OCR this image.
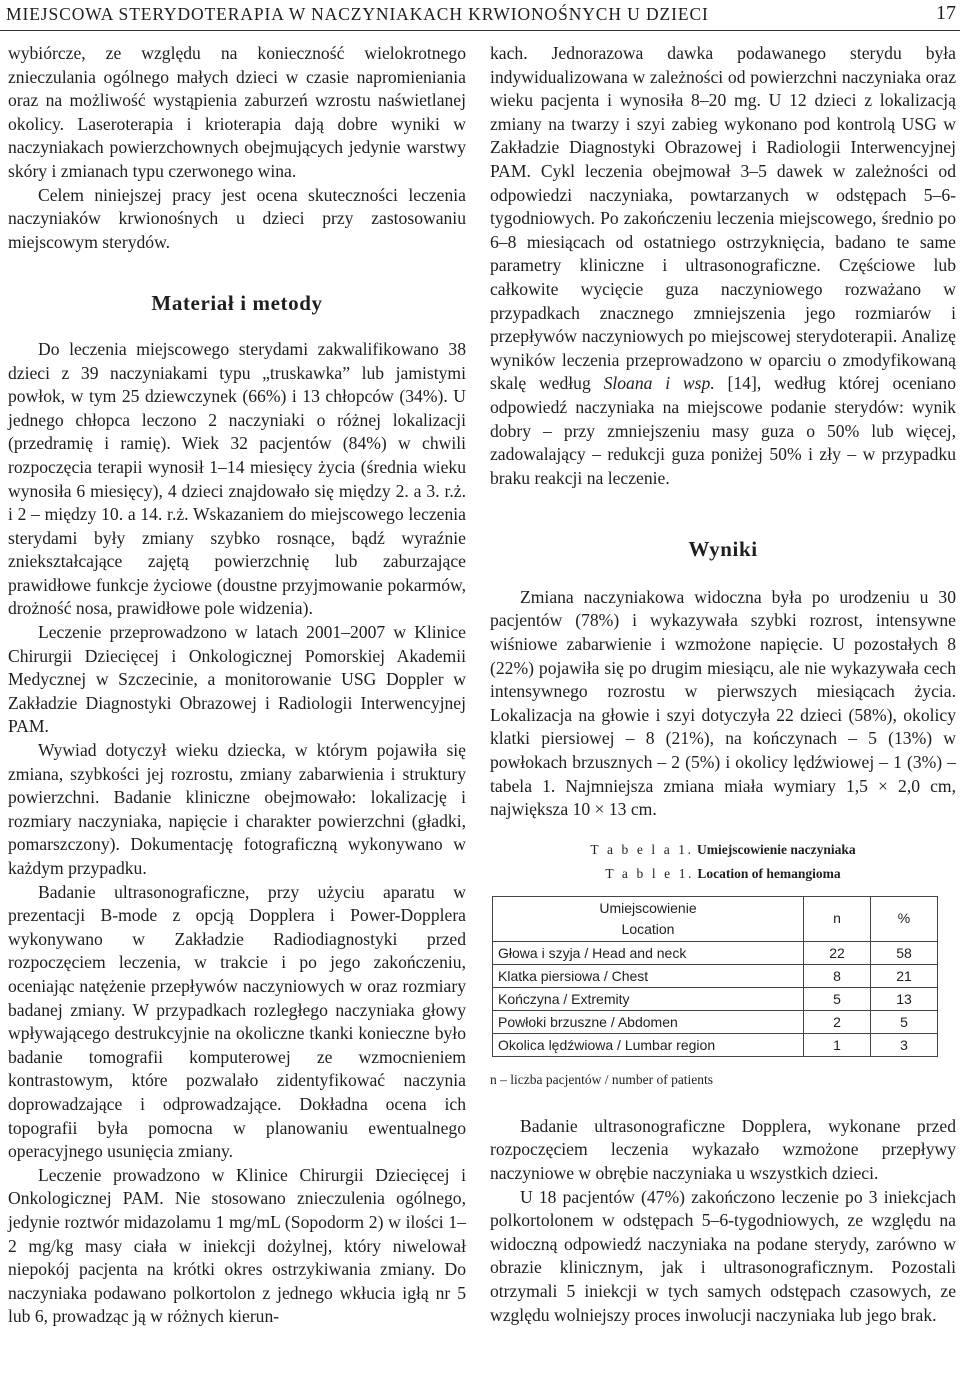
MIEJSCOWA STERYDOTERAPIA W NACZYNIAKACH KRWIONOŚNYCH U DZIECI	17

wybiórcze, ze względu na konieczność wielokrotnego znieczulania ogólnego małych dzieci w czasie napromieniania oraz na możliwość wystąpienia zaburzeń wzrostu naświetlanej okolicy. Laseroterapia i krioterapia dają dobre wyniki w naczyniakach powierzchownych obejmujących jedynie warstwy skóry i zmianach typu czerwonego wina.

Celem niniejszej pracy jest ocena skuteczności leczenia naczyniaków krwionośnych u dzieci przy zastosowaniu miejscowym sterydów.

Materiał i metody

Do leczenia miejscowego sterydami zakwalifikowano 38 dzieci z 39 naczyniakami typu „truskawka” lub jamistymi powłok, w tym 25 dziewczynek (66%) i 13 chłopców (34%). U jednego chłopca leczono 2 naczyniaki o różnej lokalizacji (przedramię i ramię). Wiek 32 pacjentów (84%) w chwili rozpoczęcia terapii wynosił 1–14 miesięcy życia (średnia wieku wynosiła 6 miesięcy), 4 dzieci znajdowało się między 2. a 3. r.ż. i 2 – między 10. a 14. r.ż. Wskazaniem do miejscowego leczenia sterydami były zmiany szybko rosnące, bądź wyraźnie zniekształcające zajętą powierzchnię lub zaburzające prawidłowe funkcje życiowe (doustne przyjmowanie pokarmów, drożność nosa, prawidłowe pole widzenia).

Leczenie przeprowadzono w latach 2001–2007 w Klinice Chirurgii Dziecięcej i Onkologicznej Pomorskiej Akademii Medycznej w Szczecinie, a monitorowanie USG Doppler w Zakładzie Diagnostyki Obrazowej i Radiologii Interwencyjnej PAM.

Wywiad dotyczył wieku dziecka, w którym pojawiła się zmiana, szybkości jej rozrostu, zmiany zabarwienia i struktury powierzchni. Badanie kliniczne obejmowało: lokalizację i rozmiary naczyniaka, napięcie i charakter powierzchni (gładki, pomarszczony). Dokumentację fotograficzną wykonywano w każdym przypadku.

Badanie ultrasonograficzne, przy użyciu aparatu w prezentacji B-mode z opcją Dopplera i Power-Dopplera wykonywano w Zakładzie Radiodiagnostyki przed rozpoczęciem leczenia, w trakcie i po jego zakończeniu, oceniając natężenie przepływów naczyniowych w oraz rozmiary badanej zmiany. W przypadkach rozległego naczyniaka głowy wpływającego destrukcyjnie na okoliczne tkanki konieczne było badanie tomografii komputerowej ze wzmocnieniem kontrastowym, które pozwalało zidentyfikować naczynia doprowadzające i odprowadzające. Dokładna ocena ich topografii była pomocna w planowaniu ewentualnego operacyjnego usunięcia zmiany.

Leczenie prowadzono w Klinice Chirurgii Dziecięcej i Onkologicznej PAM. Nie stosowano znieczulenia ogólnego, jedynie roztwór midazolamu 1 mg/mL (Sopodorm 2) w ilości 1–2 mg/kg masy ciała w iniekcji dożylnej, który niwelował niepokój pacjenta na krótki okres ostrzykiwania zmiany. Do naczyniaka podawano polkortolon z jednego wkłucia igłą nr 5 lub 6, prowadząc ją w różnych kierun-

kach. Jednorazowa dawka podawanego sterydu była indywidualizowana w zależności od powierzchni naczyniaka oraz wieku pacjenta i wynosiła 8–20 mg. U 12 dzieci z lokalizacją zmiany na twarzy i szyi zabieg wykonano pod kontrolą USG w Zakładzie Diagnostyki Obrazowej i Radiologii Interwencyjnej PAM. Cykl leczenia obejmował 3–5 dawek w zależności od odpowiedzi naczyniaka, powtarzanych w odstępach 5–6-tygodniowych. Po zakończeniu leczenia miejscowego, średnio po 6–8 miesiącach od ostatniego ostrzyknięcia, badano te same parametry kliniczne i ultrasonograficzne. Częściowe lub całkowite wycięcie guza naczyniowego rozważano w przypadkach znacznego zmniejszenia jego rozmiarów i przepływów naczyniowych po miejscowej sterydoterapii. Analizę wyników leczenia przeprowadzono w oparciu o zmodyfikowaną skalę według Sloana i wsp. [14], według której oceniano odpowiedź naczyniaka na miejscowe podanie sterydów: wynik dobry – przy zmniejszeniu masy guza o 50% lub więcej, zadowalający – redukcji guza poniżej 50% i zły – w przypadku braku reakcji na leczenie.

Wyniki

Zmiana naczyniakowa widoczna była po urodzeniu u 30 pacjentów (78%) i wykazywała szybki rozrost, intensywne wiśniowe zabarwienie i wzmożone napięcie. U pozostałych 8 (22%) pojawiła się po drugim miesiącu, ale nie wykazywała cech intensywnego rozrostu w pierwszych miesiącach życia. Lokalizacja na głowie i szyi dotyczyła 22 dzieci (58%), okolicy klatki piersiowej – 8 (21%), na kończynach – 5 (13%) w powłokach brzusznych – 2 (5%) i okolicy lędźwiowej – 1 (3%) – tabela 1. Najmniejsza zmiana miała wymiary 1,5 × 2,0 cm, największa 10 × 13 cm.

T a b e l a 1. Umiejscowienie naczyniaka

T a b l e 1. Location of hemangioma

Umiejscowienie
Location	n	%
Głowa i szyja / Head and neck	22	58
Klatka piersiowa / Chest	8	21
Kończyna / Extremity	5	13
Powłoki brzuszne / Abdomen	2	5
Okolica lędźwiowa / Lumbar region	1	3

n – liczba pacjentów / number of patients

Badanie ultrasonograficzne Dopplera, wykonane przed rozpoczęciem leczenia wykazało wzmożone przepływy naczyniowe w obrębie naczyniaka u wszystkich dzieci.

U 18 pacjentów (47%) zakończono leczenie po 3 iniekcjach polkortolonem w odstępach 5–6-tygodniowych, ze względu na widoczną odpowiedź naczyniaka na podane sterydy, zarówno w obrazie klinicznym, jak i ultrasonograficznym. Pozostali otrzymali 5 iniekcji w tych samych odstępach czasowych, ze względu wolniejszy proces inwolucji naczyniaka lub jego brak.
